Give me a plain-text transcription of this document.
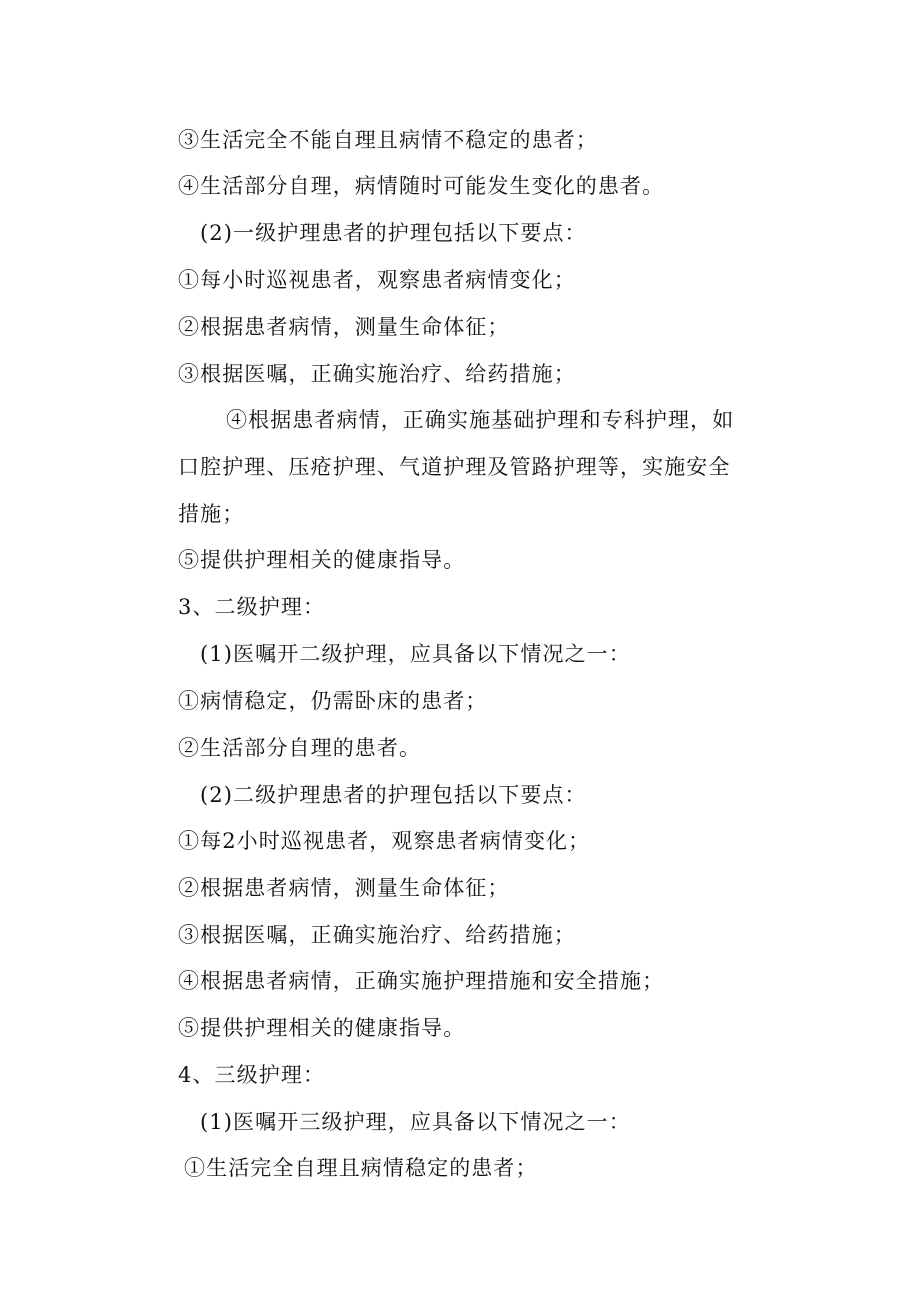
③生活完全不能自理且病情不稳定的患者；
④生活部分自理，病情随时可能发生变化的患者。
(2)一级护理患者的护理包括以下要点：
①每小时巡视患者，观察患者病情变化；
②根据患者病情，测量生命体征；
③根据医嘱，正确实施治疗、给药措施；
④根据患者病情，正确实施基础护理和专科护理，如
口腔护理、压疮护理、气道护理及管路护理等，实施安全
措施；
⑤提供护理相关的健康指导。
3、二级护理：
(1)医嘱开二级护理，应具备以下情况之一：
①病情稳定，仍需卧床的患者；
②生活部分自理的患者。
(2)二级护理患者的护理包括以下要点：
①每2小时巡视患者，观察患者病情变化；
②根据患者病情，测量生命体征；
③根据医嘱，正确实施治疗、给药措施；
④根据患者病情，正确实施护理措施和安全措施；
⑤提供护理相关的健康指导。
4、三级护理：
(1)医嘱开三级护理，应具备以下情况之一：
①生活完全自理且病情稳定的患者；
